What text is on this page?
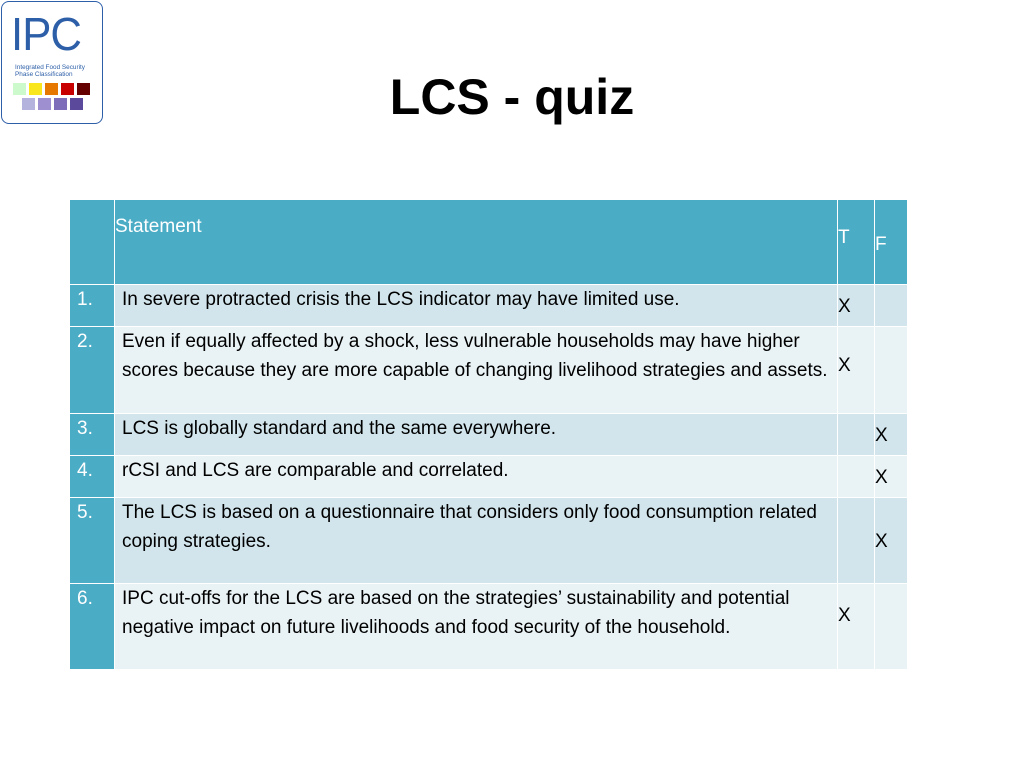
IPC
Integrated Food Security
Phase Classification	LCS - quiz
	Statement	T	F
1.	In severe protracted crisis the LCS indicator may have limited use.	X	
2.	Even if equally affected by a shock, less vulnerable households may have higher scores because they are more capable of changing livelihood strategies and assets.	X	
3.	LCS is globally standard and the same everywhere.		X
4.	rCSI and LCS are comparable and correlated.		X
5.	The LCS is based on a questionnaire that considers only food consumption related coping strategies.		X
6.	IPC cut-offs for the LCS are based on the strategies’ sustainability and potential negative impact on future livelihoods and food security of the household.	X	
